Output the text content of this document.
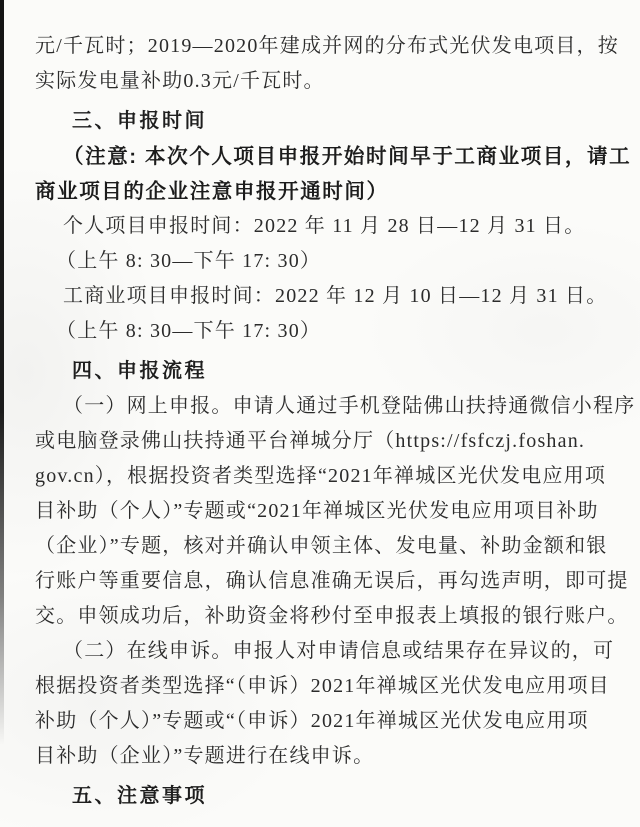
元/千瓦时；2019—2020年建成并网的分布式光伏发电项目，按
实际发电量补助0.3元/千瓦时。
三、申报时间
（注意: 本次个人项目申报开始时间早于工商业项目，请工
商业项目的企业注意申报开通时间）
个人项目申报时间：2022 年 11 月 28 日—12 月 31 日。
（上午 8: 30—下午 17: 30）
工商业项目申报时间：2022 年 12 月 10 日—12 月 31 日。
（上午 8: 30—下午 17: 30）
四、申报流程
（一）网上申报。申请人通过手机登陆佛山扶持通微信小程序
或电脑登录佛山扶持通平台禅城分厅（https://fsfczj.foshan.
gov.cn），根据投资者类型选择“2021年禅城区光伏发电应用项
目补助（个人）”专题或“2021年禅城区光伏发电应用项目补助
（企业）”专题，核对并确认申领主体、发电量、补助金额和银
行账户等重要信息，确认信息准确无误后，再勾选声明，即可提
交。申领成功后，补助资金将秒付至申报表上填报的银行账户。
（二）在线申诉。申报人对申请信息或结果存在异议的，可
根据投资者类型选择“（申诉）2021年禅城区光伏发电应用项目
补助（个人）”专题或“（申诉）2021年禅城区光伏发电应用项
目补助（企业）”专题进行在线申诉。
五、注意事项
